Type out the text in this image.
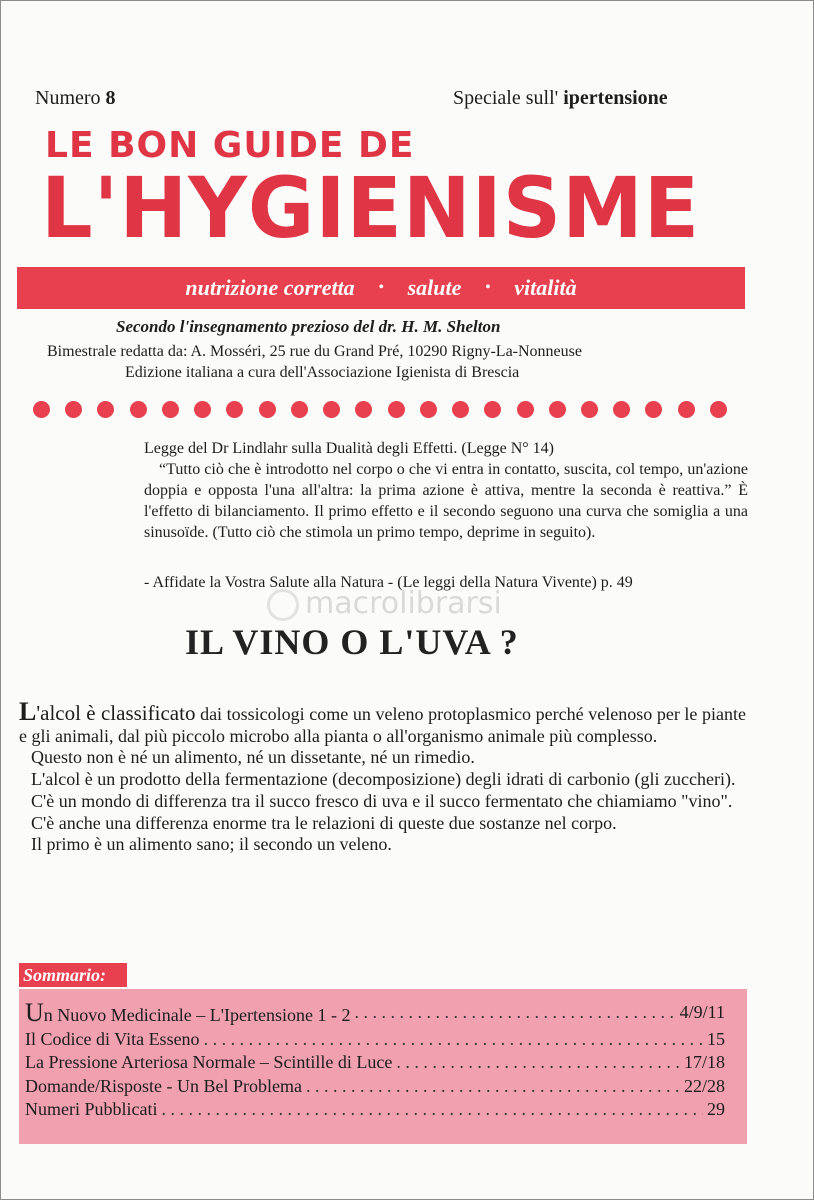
Numero 8	Speciale sull' ipertensione
LE BON GUIDE DE
L'HYGIENISME
nutrizione corretta • salute • vitalità
Secondo l'insegnamento prezioso del dr. H. M. Shelton
Bimestrale redatta da: A. Mosséri, 25 rue du Grand Pré, 10290 Rigny-La-Nonneuse
Edizione italiana a cura dell'Associazione Igienista di Brescia
Legge del Dr Lindlahr sulla Dualità degli Effetti. (Legge N° 14)
“Tutto ciò che è introdotto nel corpo o che vi entra in contatto, suscita, col tempo, un'azione doppia e opposta l'una all'altra: la prima azione è attiva, mentre la seconda è reattiva.” È l'effetto di bilanciamento. Il primo effetto e il secondo seguono una curva che somiglia a una sinusoïde. (Tutto ciò che stimola un primo tempo, deprime in seguito).
- Affidate la Vostra Salute alla Natura - (Le leggi della Natura Vivente) p. 49
macrolibrarsi
IL VINO O L'UVA ?

L'alcol è classificato dai tossicologi come un veleno protoplasmico perché velenoso per le piante e gli animali, dal più piccolo microbo alla pianta o all'organismo animale più complesso.

Questo non è né un alimento, né un dissetante, né un rimedio.

L'alcol è un prodotto della fermentazione (decomposizione) degli idrati di carbonio (gli zuccheri).

C'è un mondo di differenza tra il succo fresco di uva e il succo fermentato che chiamiamo "vino".

C'è anche una differenza enorme tra le relazioni di queste due sostanze nel corpo.

Il primo è un alimento sano; il secondo un veleno.

Sommario:
Un Nuovo Medicinale – L'Ipertensione 1 - 2 . . .	4/9/11
Il Codice di Vita Esseno . . .	15
La Pressione Arteriosa Normale – Scintille di Luce . . .	17/18
Domande/Risposte - Un Bel Problema . . .	22/28
Numeri Pubblicati . . .	29
